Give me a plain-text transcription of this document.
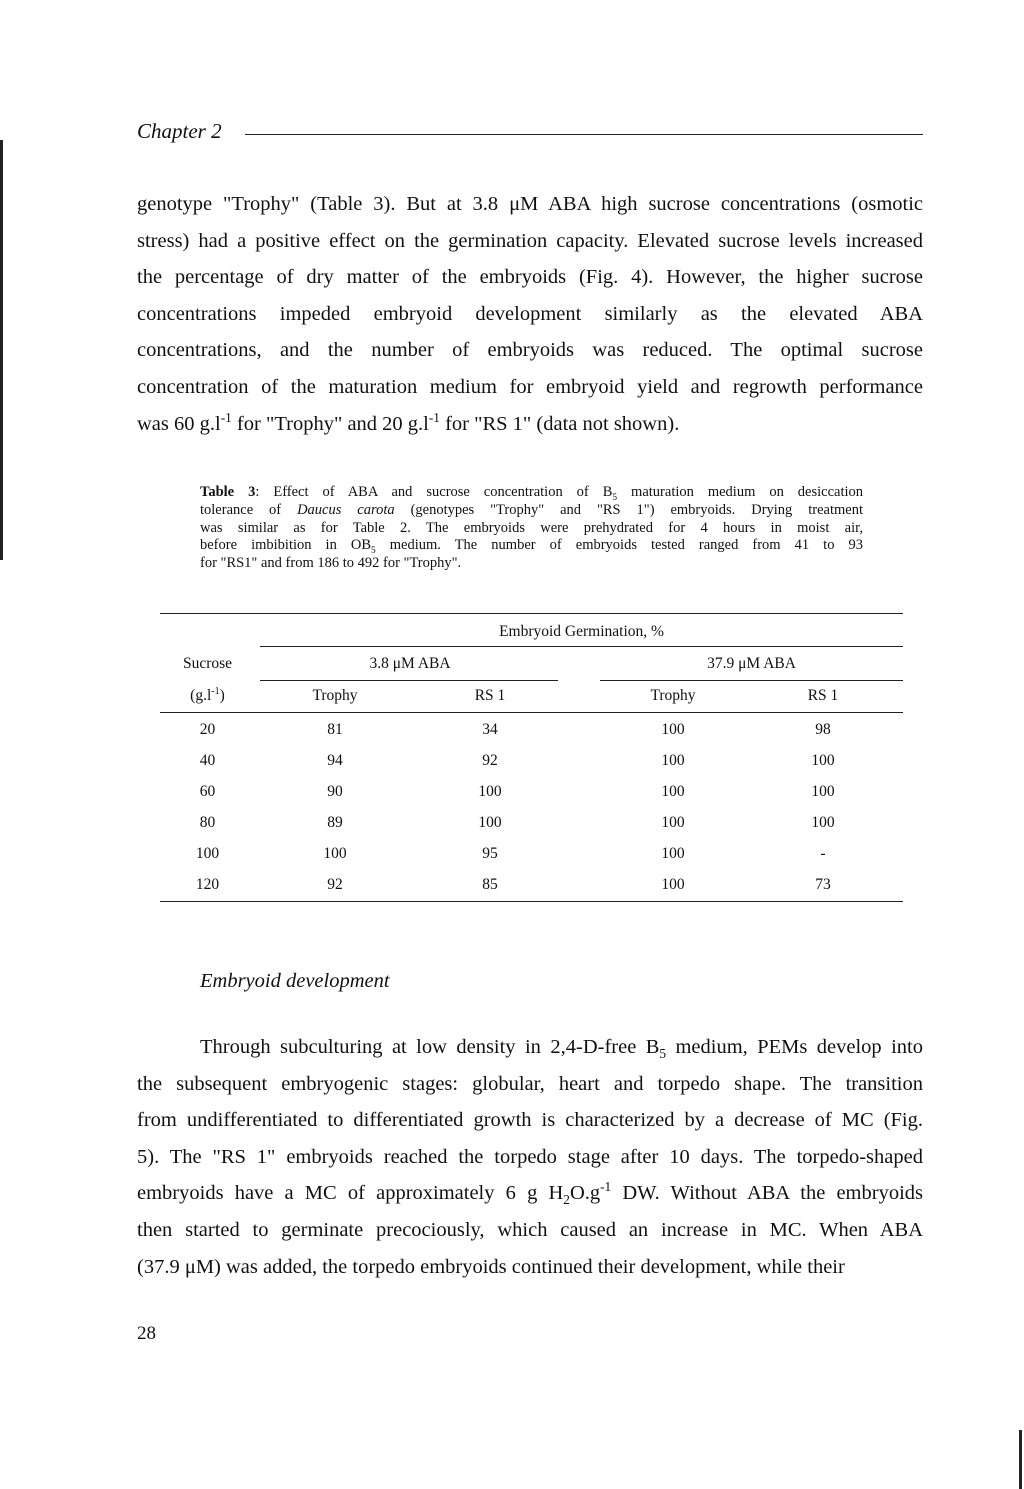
Chapter 2
genotype "Trophy" (Table 3). But at 3.8 μM ABA high sucrose concentrations (osmotic
stress) had a positive effect on the germination capacity. Elevated sucrose levels increased
the percentage of dry matter of the embryoids (Fig. 4). However, the higher sucrose
concentrations impeded embryoid development similarly as the elevated ABA
concentrations, and the number of embryoids was reduced. The optimal sucrose
concentration of the maturation medium for embryoid yield and regrowth performance
was 60 $g.l^{-1}$ for "Trophy" and 20 $g.l^{-1}$ for "RS 1" (data not shown).
Table 3: Effect of ABA and sucrose concentration of $B_5$ maturation medium on desiccation
tolerance of Daucus carota (genotypes "Trophy" and "RS 1") embryoids. Drying treatment
was similar as for Table 2. The embryoids were prehydrated for 4 hours in moist air,
before imbibition in $OB_5$ medium. The number of embryoids tested ranged from 41 to 93
for "RS1" and from 186 to 492 for "Trophy".
Embryoid Germination, %
Sucrose	3.8 μM ABA	37.9 μM ABA
$(g.l^{-1})$	Trophy	RS 1	Trophy	RS 1
20	81	34	100	98
40	94	92	100	100
60	90	100	100	100
80	89	100	100	100
100	100	95	100	-
120	92	85	100	73
Embryoid development
Through subculturing at low density in 2,4-D-free $B_5$ medium, PEMs develop into
the subsequent embryogenic stages: globular, heart and torpedo shape. The transition
from undifferentiated to differentiated growth is characterized by a decrease of MC (Fig.
5). The "RS 1" embryoids reached the torpedo stage after 10 days. The torpedo-shaped
embryoids have a MC of approximately 6 g $H_2O.g^{-1}$ DW. Without ABA the embryoids
then started to germinate precociously, which caused an increase in MC. When ABA
(37.9 μM) was added, the torpedo embryoids continued their development, while their
28
